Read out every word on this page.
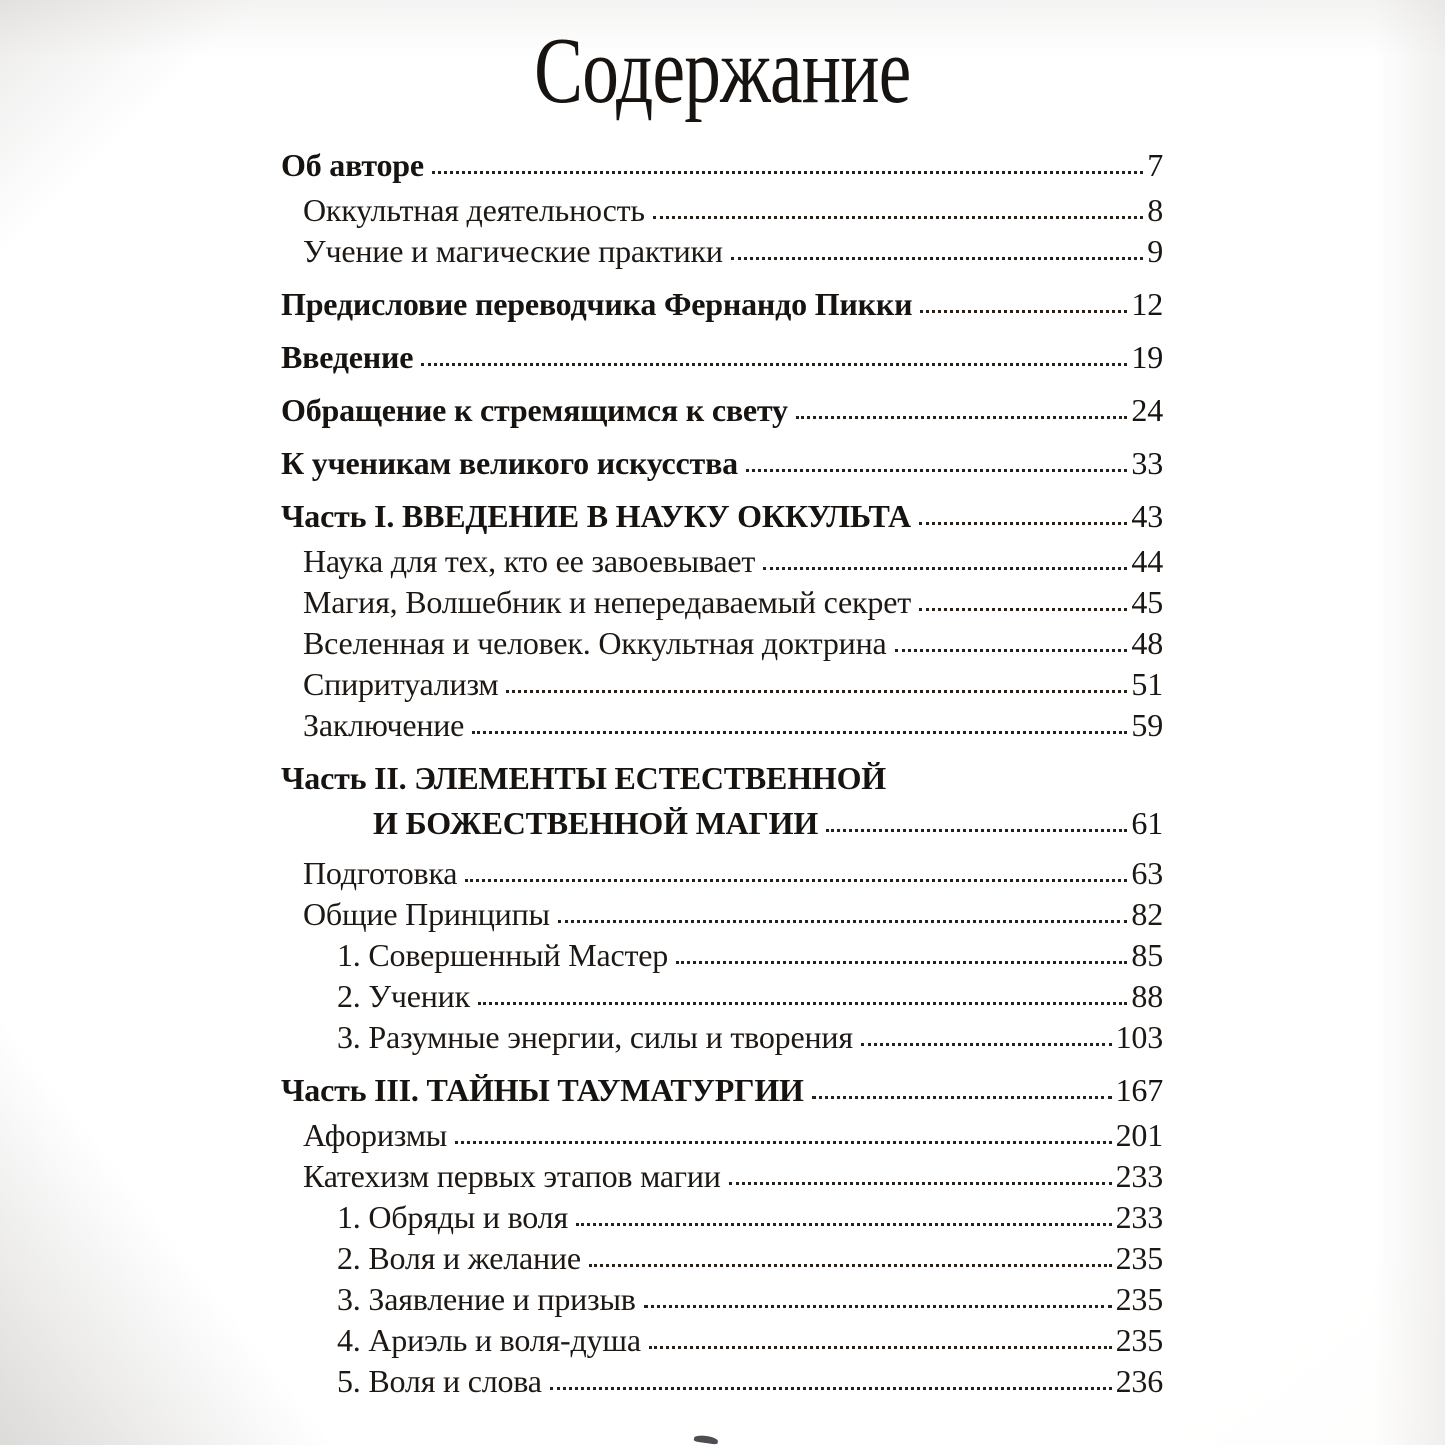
Содержание
Об авторе	7
Оккультная деятельность	8
Учение и магические практики	9
Предисловие переводчика Фернандо Пикки	12
Введение	19
Обращение к стремящимся к свету	24
К ученикам великого искусства	33
Часть I. ВВЕДЕНИЕ В НАУКУ ОККУЛЬТА	43
Наука для тех, кто ее завоевывает	44
Магия, Волшебник и непередаваемый секрет	45
Вселенная и человек. Оккультная доктрина	48
Спиритуализм	51
Заключение	59
Часть II. ЭЛЕМЕНТЫ ЕСТЕСТВЕННОЙ
И БОЖЕСТВЕННОЙ МАГИИ	61
Подготовка	63
Общие Принципы	82
1. Совершенный Мастер	85
2. Ученик	88
3. Разумные энергии, силы и творения	103
Часть III. ТАЙНЫ ТАУМАТУРГИИ	167
Афоризмы	201
Катехизм первых этапов магии	233
1. Обряды и воля	233
2. Воля и желание	235
3. Заявление и призыв	235
4. Ариэль и воля-душа	235
5. Воля и слова	236
